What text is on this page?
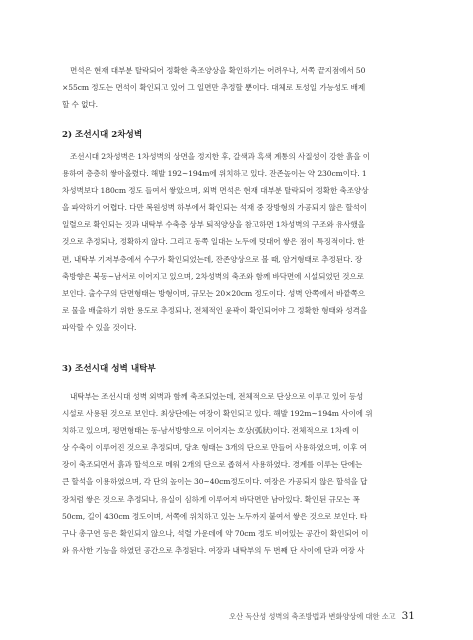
면석은 현재 대부분 탈락되어 정확한 축조양상을 확인하기는 어려우나, 서쪽 끝지점에서 50
×55cm 정도는 면석이 확인되고 있어 그 일면만 추정할 뿐이다. 대체로 토성일 가능성도 배제
할 수 없다.
2) 조선시대 2차성벽
조선시대 2차성벽은 1차성벽의 상면을 정지한 후, 갈색과 흑색 계통의 사질성이 강한 흙을 이
용하여 층층히 쌓아올렸다. 해발 192~194m에 위치하고 있다. 잔존높이는 약 230cm이다. 1
차성벽보다 180cm 정도 들여서 쌓았으며, 외벽 면석은 현재 대부분 탈락되어 정확한 축조양상
을 파악하기 어렵다. 다만 복원성벽 하부에서 확인되는 석재 중 장방형의 가공되지 않은 할석이
일렬으로 확인되는 것과 내탁부 수축층 상부 퇴적양상을 참고하면 1차성벽의 구조와 유사했을
것으로 추정되나, 정확하지 않다. 그리고 동쪽 일대는 노두에 덧대어 쌓은 점이 특징적이다. 한
편, 내탁부 기저부층에서 수구가 확인되었는데, 잔존양상으로 볼 때, 암거형태로 추정된다. 장
축방향은 북동~남서로 이어지고 있으며, 2차성벽의 축조와 함께 바닥면에 시설되었던 것으로
보인다. 출수구의 단면형태는 방형이며, 규모는 20×20cm 정도이다. 성벽 안쪽에서 바깥쪽으
로 물을 배출하기 위한 용도로 추정되나, 전체적인 윤곽이 확인되어야 그 정확한 형태와 성격을
파악할 수 있을 것이다.
3) 조선시대 성벽 내탁부
내탁부는 조선시대 성벽 외벽과 함께 축조되었는데, 전체적으로 단상으로 이루고 있어 등성
시설로 사용된 것으로 보인다. 최상단에는 여장이 확인되고 있다. 해발 192m~194m 사이에 위
치하고 있으며, 평면형태는 동-남서방향으로 이어지는 호상(弧狀)이다. 전체적으로 1차례 이
상 수축이 이루어진 것으로 추정되며, 당초 형태는 3개의 단으로 만들어 사용하였으며, 이후 여
장이 축조되면서 흙과 할석으로 메워 2개의 단으로 좁혀서 사용하였다. 경계를 이루는 단에는
큰 할석을 이용하였으며, 각 단의 높이는 30~40cm정도이다. 여장은 가공되지 않은 할석을 답
장처럼 쌓은 것으로 추정되나, 유실이 심하게 이루어져 바닥면만 남아있다. 확인된 규모는 폭
50cm, 길이 430cm 정도이며, 서쪽에 위치하고 있는 노두까지 붙여서 쌓은 것으로 보인다. 타
구나 총구연 등은 확인되지 않으나, 석렬 가운데에 약 70cm 정도 비어있는 공간이 확인되어 이
와 유사한 기능을 하였던 공간으로 추정된다. 여장과 내탁부의 두 번째 단 사이에 단과 여장 사
오산 독산성 성벽의 축조방법과 변화양상에 대한 소고 31
